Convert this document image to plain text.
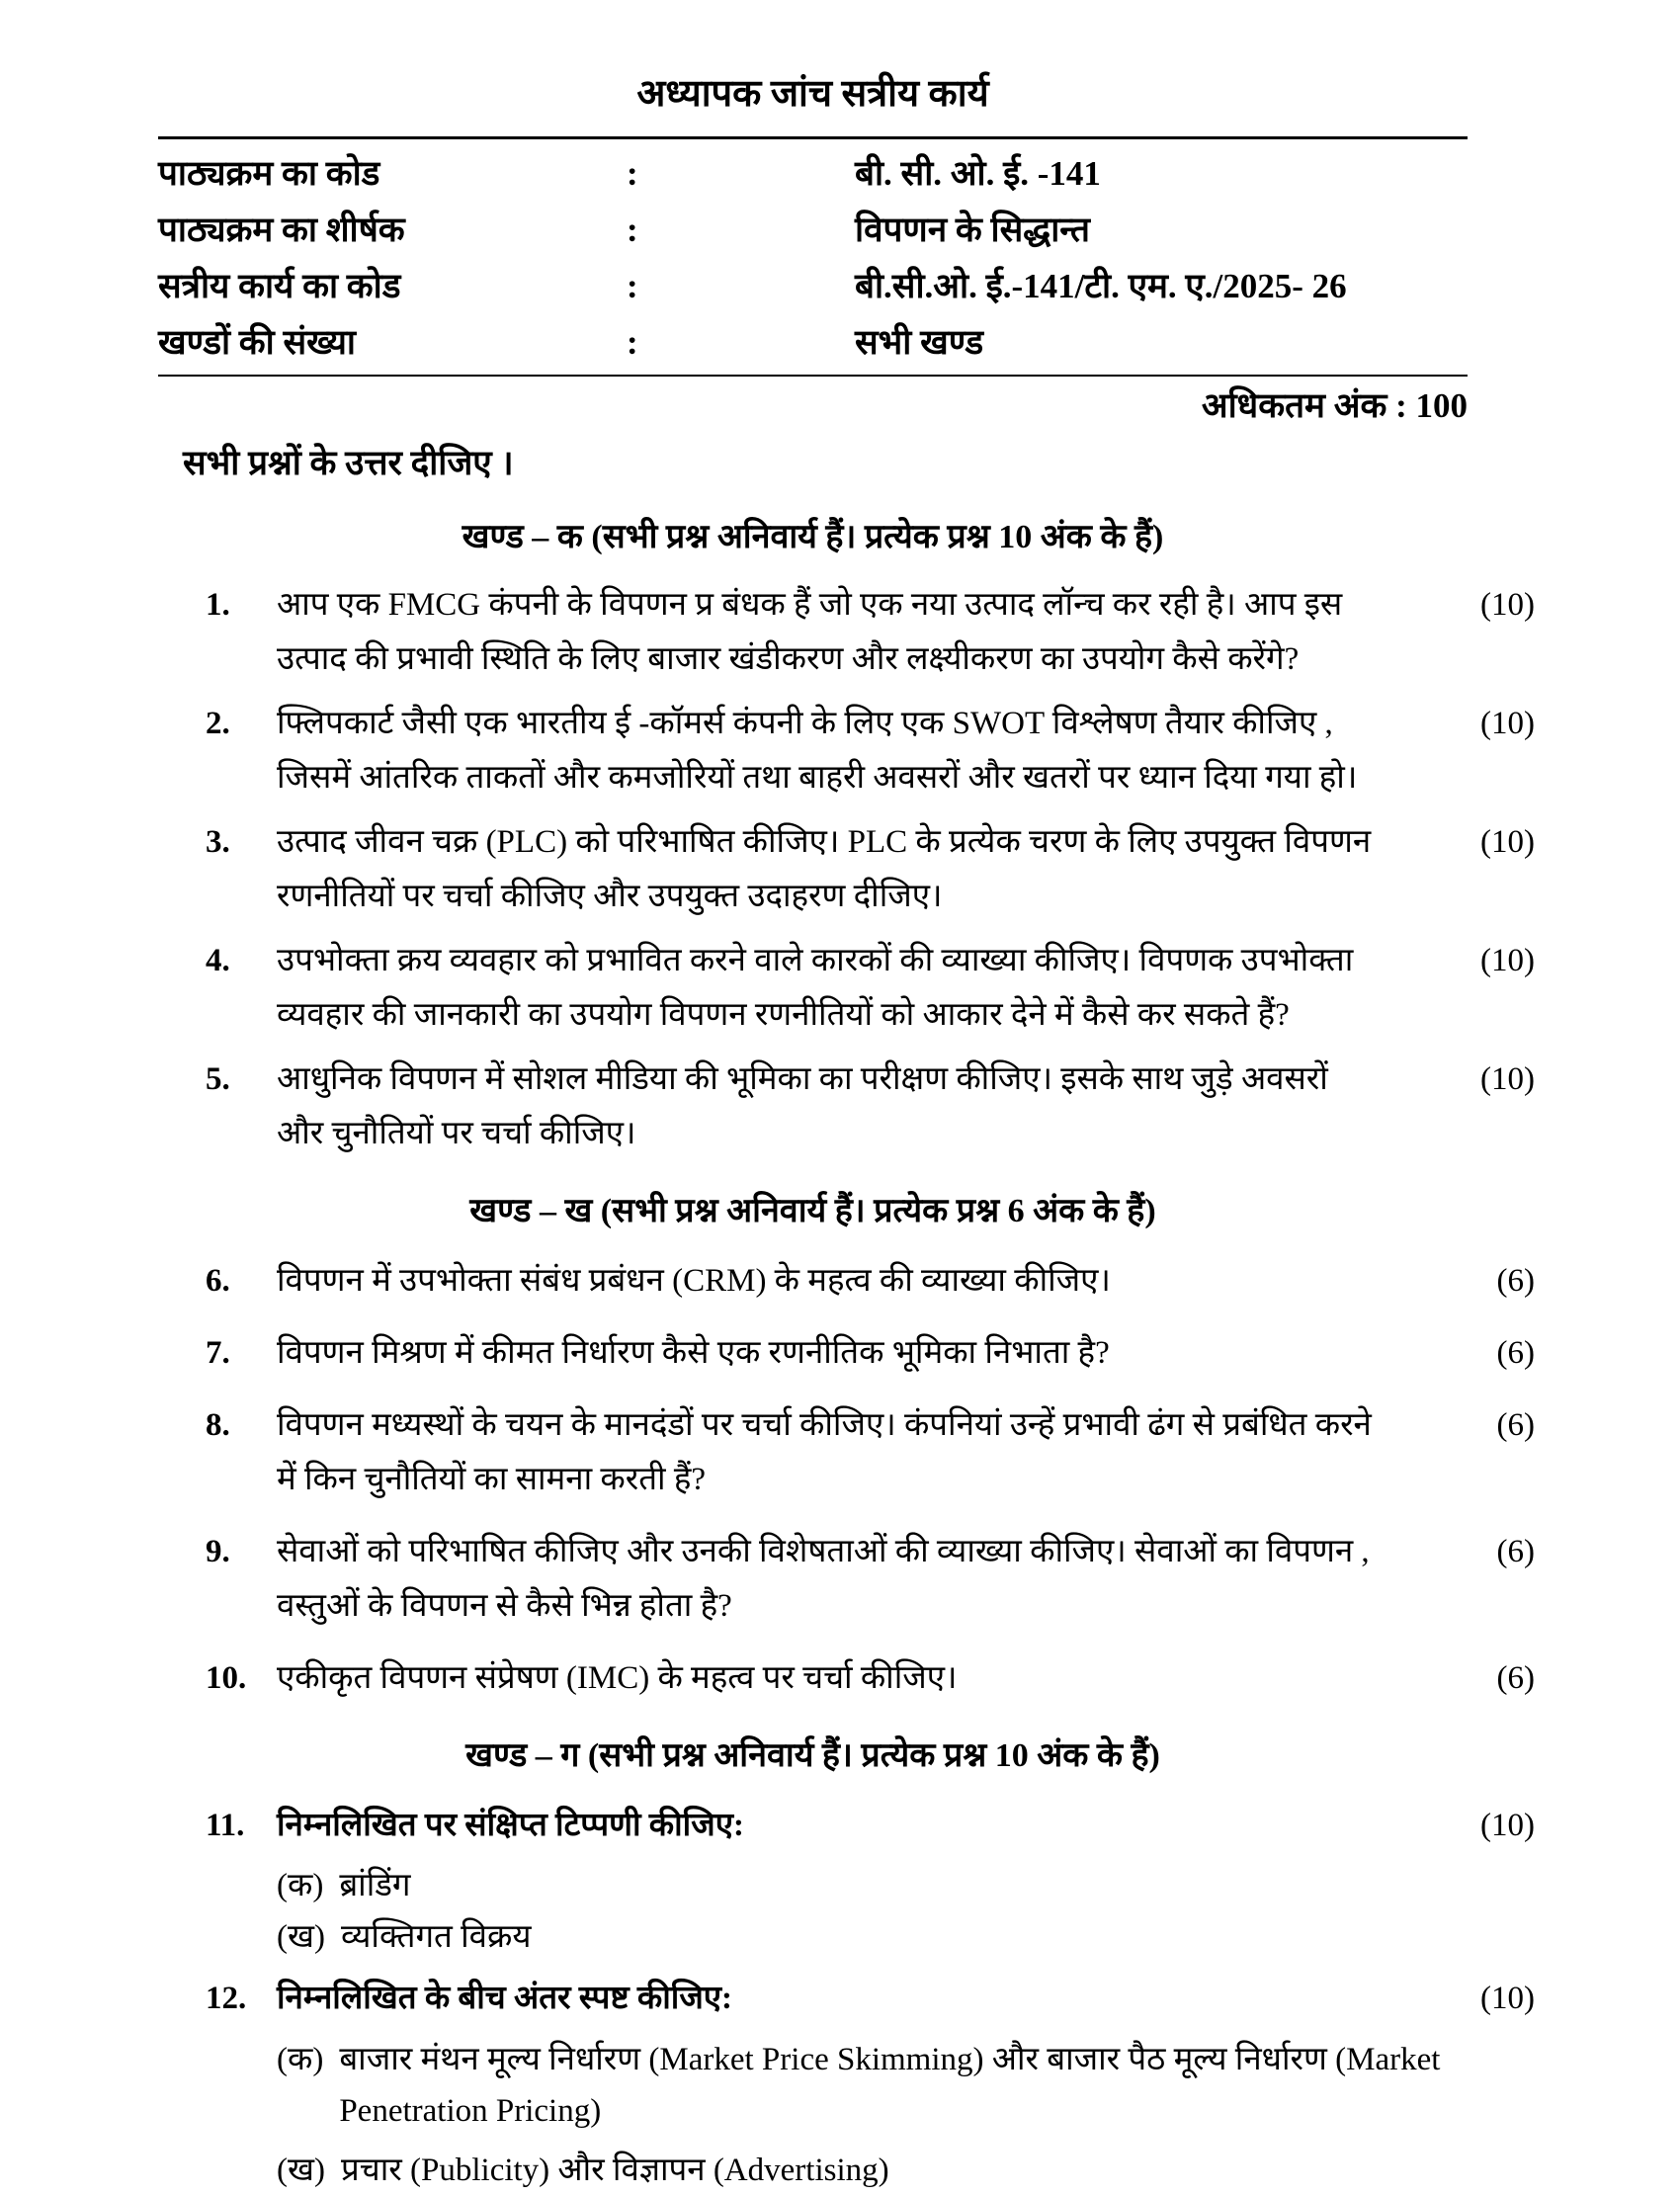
अध्यापक जांच सत्रीय कार्य
पाठ्यक्रम का कोड	:	बी. सी. ओ. ई. -141
पाठ्यक्रम का शीर्षक	:	विपणन के सिद्धान्त
सत्रीय कार्य का कोड	:	बी.सी.ओ. ई.-141/टी. एम. ए./2025- 26
खण्डों की संख्या	:	सभी खण्ड
अधिकतम अंक : 100
सभी प्रश्नों के उत्तर दीजिए ।
खण्ड – क (सभी प्रश्न अनिवार्य हैं। प्रत्येक प्रश्न 10 अंक के हैं)
1.	आप एक FMCG कंपनी के विपणन प्र बंधक हैं जो एक नया उत्पाद लॉन्च कर रही है। आप इस उत्पाद की प्रभावी स्थिति के लिए बाजार खंडीकरण और लक्ष्यीकरण का उपयोग कैसे करेंगे?
(10)
2.	फ्लिपकार्ट जैसी एक भारतीय ई -कॉमर्स कंपनी के लिए एक SWOT विश्लेषण तैयार कीजिए , जिसमें आंतरिक ताकतों और कमजोरियों तथा बाहरी अवसरों और खतरों पर ध्यान दिया गया हो।
(10)
3.	उत्पाद जीवन चक्र (PLC) को परिभाषित कीजिए। PLC के प्रत्येक चरण के लिए उपयुक्त विपणन रणनीतियों पर चर्चा कीजिए और उपयुक्त उदाहरण दीजिए।
(10)
4.	उपभोक्ता क्रय व्यवहार को प्रभावित करने वाले कारकों की व्याख्या कीजिए। विपणक उपभोक्ता व्यवहार की जानकारी का उपयोग विपणन रणनीतियों को आकार देने में कैसे कर सकते हैं?
(10)
5.	आधुनिक विपणन में सोशल मीडिया की भूमिका का परीक्षण कीजिए। इसके साथ जुड़े अवसरों और चुनौतियों पर चर्चा कीजिए।
(10)
खण्ड – ख (सभी प्रश्न अनिवार्य हैं। प्रत्येक प्रश्न 6 अंक के हैं)
6.	विपणन में उपभोक्ता संबंध प्रबंधन (CRM) के महत्व की व्याख्या कीजिए।	(6)
7.	विपणन मिश्रण में कीमत निर्धारण कैसे एक रणनीतिक भूमिका निभाता है?	(6)
8.	विपणन मध्यस्थों के चयन के मानदंडों पर चर्चा कीजिए। कंपनियां उन्हें प्रभावी ढंग से प्रबंधित करने में किन चुनौतियों का सामना करती हैं?
(6)
9.	सेवाओं को परिभाषित कीजिए और उनकी विशेषताओं की व्याख्या कीजिए। सेवाओं का विपणन , वस्तुओं के विपणन से कैसे भिन्न होता है?
(6)
10. एकीकृत विपणन संप्रेषण (IMC) के महत्व पर चर्चा कीजिए।	(6)
खण्ड – ग (सभी प्रश्न अनिवार्य हैं। प्रत्येक प्रश्न 10 अंक के हैं)
11. निम्नलिखित पर संक्षिप्त टिप्पणी कीजिए:	(10)
(क) ब्रांडिंग
(ख) व्यक्तिगत विक्रय
12. निम्नलिखित के बीच अंतर स्पष्ट कीजिए:	(10)
(क) बाजार मंथन मूल्य निर्धारण (Market Price Skimming) और बाजार पैठ मूल्य निर्धारण (Market Penetration Pricing)
(ख) प्रचार (Publicity) और विज्ञापन (Advertising)
